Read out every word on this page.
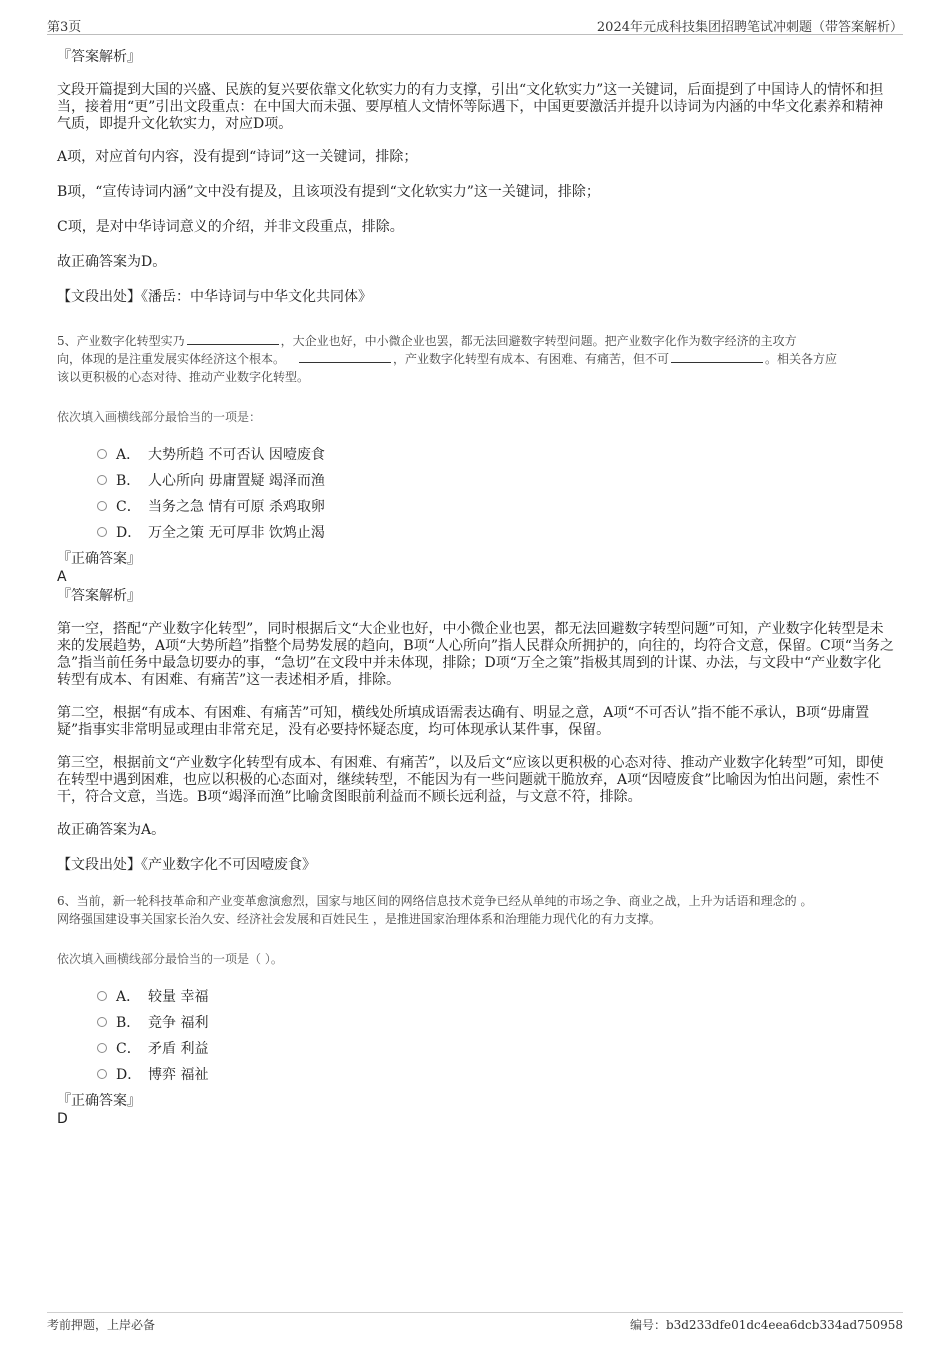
第3页	2024年元成科技集团招聘笔试冲刺题（带答案解析）
『答案解析』

文段开篇提到大国的兴盛、民族的复兴要依靠文化软实力的有力支撑，引出“文化软实力”这一关键词，后面提到了中国诗人的情怀和担当，接着用“更”引出文段重点：在中国大而未强、要厚植人文情怀等际遇下，中国更要激活并提升以诗词为内涵的中华文化素养和精神气质，即提升文化软实力，对应D项。

A项，对应首句内容，没有提到“诗词”这一关键词，排除；

B项，“宣传诗词内涵”文中没有提及，且该项没有提到“文化软实力”这一关键词，排除；

C项，是对中华诗词意义的介绍，并非文段重点，排除。

故正确答案为D。

【文段出处】《潘岳：中华诗词与中华文化共同体》

5、产业数字化转型实乃	，大企业也好，中小微企业也罢，都无法回避数字转型问题。把产业数字化作为数字经济的主攻方
向，体现的是注重发展实体经济这个根本。	，产业数字化转型有成本、有困难、有痛苦，但不可	。相关各方应
该以更积极的心态对待、推动产业数字化转型。

依次填入画横线部分最恰当的一项是：
A． 大势所趋 不可否认 因噎废食
B． 人心所向 毋庸置疑 竭泽而渔
C． 当务之急 情有可原 杀鸡取卵
D． 万全之策 无可厚非 饮鸩止渴
『正确答案』
A
『答案解析』

第一空，搭配“产业数字化转型”，同时根据后文“大企业也好，中小微企业也罢，都无法回避数字转型问题”可知，产业数字化转型是未来的发展趋势，A项“大势所趋”指整个局势发展的趋向，B项“人心所向”指人民群众所拥护的，向往的，均符合文意，保留。C项“当务之急”指当前任务中最急切要办的事，“急切”在文段中并未体现，排除；D项“万全之策”指极其周到的计谋、办法，与文段中“产业数字化转型有成本、有困难、有痛苦”这一表述相矛盾，排除。

第二空，根据“有成本、有困难、有痛苦”可知，横线处所填成语需表达确有、明显之意，A项“不可否认”指不能不承认，B项“毋庸置疑”指事实非常明显或理由非常充足，没有必要持怀疑态度，均可体现承认某件事，保留。

第三空，根据前文“产业数字化转型有成本、有困难、有痛苦”，以及后文“应该以更积极的心态对待、推动产业数字化转型”可知，即使在转型中遇到困难，也应以积极的心态面对，继续转型，不能因为有一些问题就干脆放弃，A项“因噎废食”比喻因为怕出问题，索性不干，符合文意，当选。B项“竭泽而渔”比喻贪图眼前利益而不顾长远利益，与文意不符，排除。

故正确答案为A。

【文段出处】《产业数字化不可因噎废食》

6、当前，新一轮科技革命和产业变革愈演愈烈，国家与地区间的网络信息技术竞争已经从单纯的市场之争、商业之战，上升为话语和理念的 。
网络强国建设事关国家长治久安、经济社会发展和百姓民生 ，是推进国家治理体系和治理能力现代化的有力支撑。

依次填入画横线部分最恰当的一项是（ ）。
A． 较量 幸福
B． 竞争 福利
C． 矛盾 利益
D． 博弈 福祉
『正确答案』
D
考前押题，上岸必备	编号：b3d233dfe01dc4eea6dcb334ad750958
